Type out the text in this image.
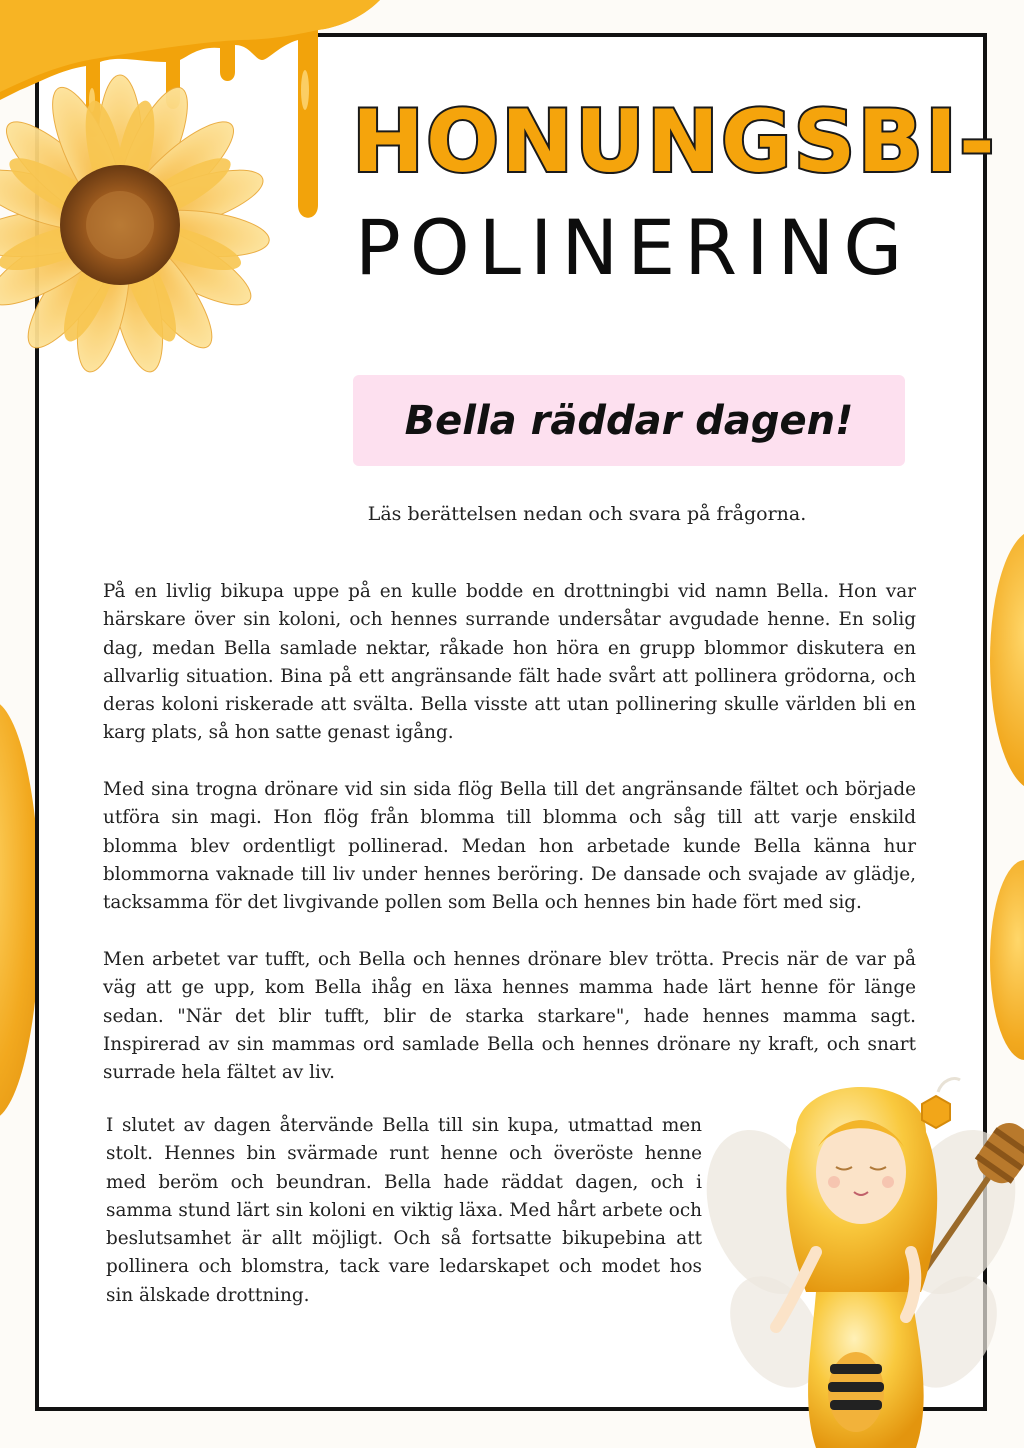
HONUNGSBI-
POLINERING
Bella räddar dagen!
Läs berättelsen nedan och svara på frågorna.

På en livlig bikupa uppe på en kulle bodde en drottningbi vid namn Bella. Hon var härskare över sin koloni, och hennes surrande undersåtar avgudade henne. En solig dag, medan Bella samlade nektar, råkade hon höra en grupp blommor diskutera en allvarlig situation. Bina på ett angränsande fält hade svårt att pollinera grödorna, och deras koloni riskerade att svälta. Bella visste att utan pollinering skulle världen bli en karg plats, så hon satte genast igång.

Med sina trogna drönare vid sin sida flög Bella till det angränsande fältet och började utföra sin magi. Hon flög från blomma till blomma och såg till att varje enskild blomma blev ordentligt pollinerad. Medan hon arbetade kunde Bella känna hur blommorna vaknade till liv under hennes beröring. De dansade och svajade av glädje, tacksamma för det livgivande pollen som Bella och hennes bin hade fört med sig.

Men arbetet var tufft, och Bella och hennes drönare blev trötta. Precis när de var på väg att ge upp, kom Bella ihåg en läxa hennes mamma hade lärt henne för länge sedan. "När det blir tufft, blir de starka starkare", hade hennes mamma sagt. Inspirerad av sin mammas ord samlade Bella och hennes drönare ny kraft, och snart surrade hela fältet av liv.

I slutet av dagen återvände Bella till sin kupa, utmattad men stolt. Hennes bin svärmade runt henne och överöste henne med beröm och beundran. Bella hade räddat dagen, och i samma stund lärt sin koloni en viktig läxa. Med hårt arbete och beslutsamhet är allt möjligt. Och så fortsatte bikupebina att pollinera och blomstra, tack vare ledarskapet och modet hos sin älskade drottning.
